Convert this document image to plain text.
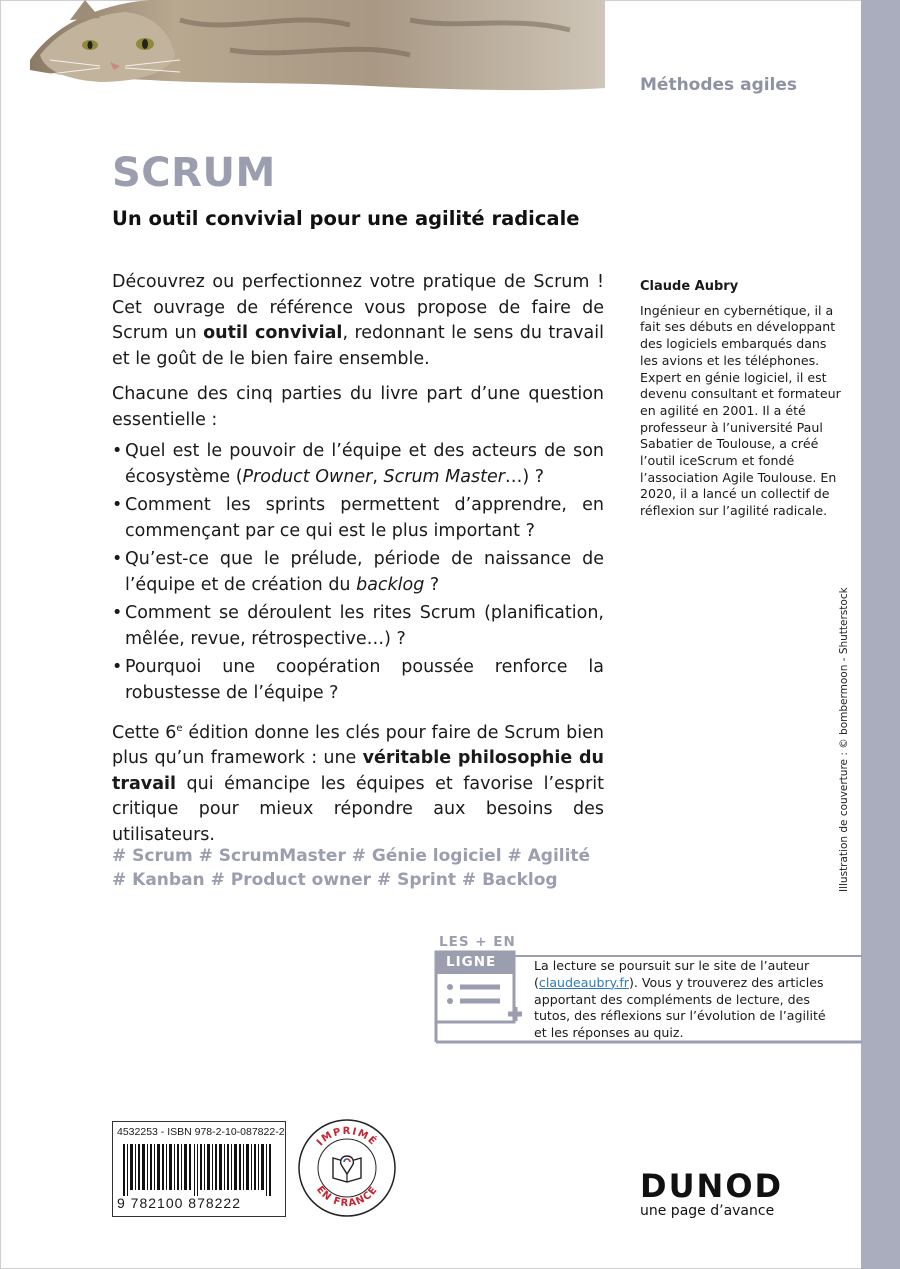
Méthodes agiles
SCRUM
Un outil convivial pour une agilité radicale

Découvrez ou perfectionnez votre pratique de Scrum ! Cet ouvrage de référence vous propose de faire de Scrum un outil convivial, redonnant le sens du travail et le goût de le bien faire ensemble.

Chacune des cinq parties du livre part d’une question essentielle :

• Quel est le pouvoir de l’équipe et des acteurs de son écosystème (Product Owner, Scrum Master…) ?
• Comment les sprints permettent d’apprendre, en commençant par ce qui est le plus important ?
• Qu’est-ce que le prélude, période de naissance de l’équipe et de création du backlog ?
• Comment se déroulent les rites Scrum (planification, mêlée, revue, rétrospective…) ?
• Pourquoi une coopération poussée renforce la robustesse de l’équipe ?

Cette 6e édition donne les clés pour faire de Scrum bien plus qu’un framework : une véritable philosophie du travail qui émancipe les équipes et favorise l’esprit critique pour mieux répondre aux besoins des utilisateurs.

# Scrum # ScrumMaster # Génie logiciel # Agilité
# Kanban # Product owner # Sprint # Backlog
Claude Aubry
Ingénieur en cybernétique, il a fait ses débuts en développant des logiciels embarqués dans les avions et les téléphones. Expert en génie logiciel, il est devenu consultant et formateur en agilité en 2001. Il a été professeur à l’université Paul Sabatier de Toulouse, a créé l’outil iceScrum et fondé l’association Agile Toulouse. En 2020, il a lancé un collectif de réflexion sur l’agilité radicale.
Illustration de couverture : © bombermoon - Shutterstock
LES + EN
LIGNE	La lecture se poursuit sur le site de l’auteur (claudeaubry.fr). Vous y trouverez des articles apportant des compléments de lecture, des tutos, des réflexions sur l’évolution de l’agilité et les réponses au quiz.
4532253 - ISBN 978-2-10-087822-2
9 782100 878222
IMPRIMÉ
EN FRANCE	DUNOD
une page d’avance
